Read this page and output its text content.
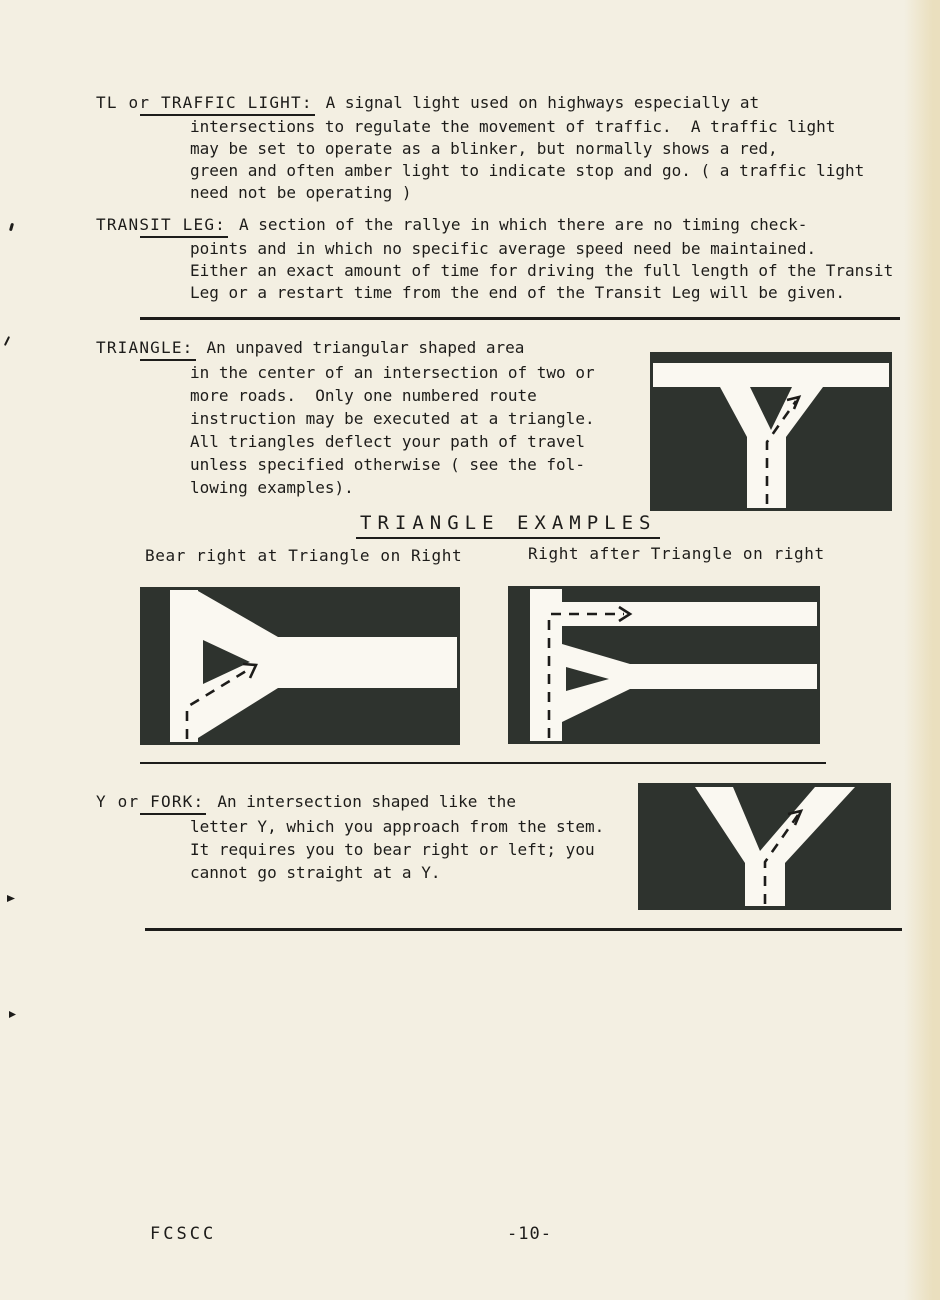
TL or TRAFFIC LIGHT: A signal light used on highways especially at
intersections to regulate the movement of traffic.  A traffic light
may be set to operate as a blinker, but normally shows a red,
green and often amber light to indicate stop and go. ( a traffic light
need not be operating )
TRANSIT LEG: A section of the rallye in which there are no timing check-
points and in which no specific average speed need be maintained.
Either an exact amount of time for driving the full length of the Transit
Leg or a restart time from the end of the Transit Leg will be given.
TRIANGLE: An unpaved triangular shaped area
in the center of an intersection of two or
more roads.  Only one numbered route
instruction may be executed at a triangle.
All triangles deflect your path of travel
unless specified otherwise ( see the fol-
lowing examples).
TRIANGLE EXAMPLES
Bear right at Triangle on Right	Right after Triangle on right
Y or FORK: An intersection shaped like the
letter Y, which you approach from the stem.
It requires you to bear right or left; you
cannot go straight at a Y.
FCSCC	-10-
